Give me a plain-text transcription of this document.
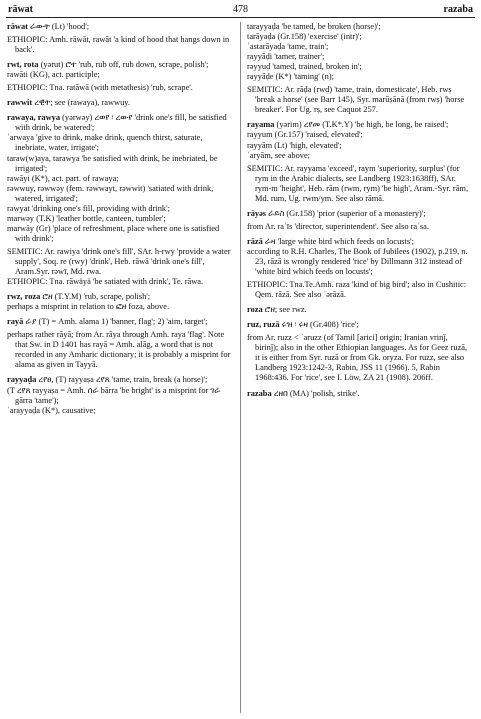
rāwat	478	razaba

rāwat ራውት (Lt) 'hood';

ETHIOPIC: Amh. rāwāt, rawāt 'a kind of hood that hangs down in back'.

rwt, rota (yərut) ሮተ 'rub, rub off, rub down, scrape, polish';

rawāti (KG), act. participle;

ETHIOPIC: Tna. ratāwā (with metathesis) 'rub, scrape'.

rawwit ረዊት; see (rawaya), rawwuy.

rawaya, rawya (yərwəy) ረወየ ፡ ረውየ 'drink one's fill, be satisfied with drink, be watered';

ʾarwaya 'give to drink, make drink, quench thirst, saturate, inebriate, water, irrigate';

taraw(w)aya, tarawya 'be satisfied with drink, be inebriated, be irrigated';

rawāyi (K*), act. part. of rawaya;

rəwwuy, rəwwəy (fem. rəwwayt, rəwwit) 'satiated with drink, watered, irrigated';

rəwyat 'drinking one's fill, providing with drink';

marwəy (T.K) 'leather bottle, canteen, tumbler';

marwāy (Gr) 'place of refreshment, place where one is satisfied with drink';

SEMITIC: Ar. rawiya 'drink one's fill', SAr. h-rwy 'provide a water supply', Soq. re (rwy) 'drink', Heb. rāwā 'drink one's fill', Aram.Syr. rəwī, Md. rwa.

ETHIOPIC: Tna. rāwäyä 'be satiated with drink', Te. rāwa.

rwz, roza ሮዘ (T.Y.M) 'rub, scrape, polish';

perhaps a misprint in relation to ፎዘ foza, above.

rayā ራያ (T) = Amh. alama 1) 'banner, flag'; 2) 'aim, target';

perhaps rather rāyā; from Ar. rāya through Amh. raya 'flag'. Note that Sw. in D 1401 has rayā = Amh. alāg, a word that is not recorded in any Amharic dictionary; it is probably a misprint for alama as given in Tayyā.

rayyaḍa ረየፀ, (T) rayyaṣa ረየጸ 'tame, train, break (a horse)';

(T ረየጸ rayyaṣa = Amh. ሰራ bārra 'be bright' is a misprint for ገራ gārra 'tame');

ʾarayyaḍa (K*), causative;

tarayyaḍa 'be tamed, be broken (horse)';

tarāyaḍa (Gr.158) 'exercise' (intr)';

ʾastarāyaḍa 'tame, train';

rayyāḍi 'tamer, trainer';

rəyyuḍ 'tamed, trained, broken in';

rayyāḍe (K*) 'taming' (n);

SEMITIC: Ar. rāḍa (rwḍ) 'tame, train, domesticate', Heb. rwṣ 'break a horse' (see Barr 145), Syr. marūṣānā (from rwṣ) 'horse breaker'. For Ug. rṣ, see Caquot 257.

rayama (yərim) ረየመ (T.K*.Y) 'be high, be long, be raised';

rayyum (Gr.157) 'raised, elevated';

rayyām (Lt) 'high, elevated';

ʾaryām, see above;

SEMITIC: Ar. rayyama 'exceed', raym 'superiority, surplus' (for rym in the Arabic dialects, see Landberg 1923:1638ff), SAr. rym-m 'height', Heb. rām (rwm, rym) 'be high', Aram.-Syr. rām, Md. rum, Ug. rwm/ym. See also rāmā.

rāyəs ራይስ (Gr.158) 'prior (superior of a monastery)';

from Ar. raʾīs 'director, superintendent'. See also raʾsa.

rāzā ራዛ 'large white bird which feeds on locusts';

according to R.H. Charles, The Book of Jubilees (1902), p.219, n. 23, rāzā is wrongly rendered 'rice' by Dillmann 312 instead of 'white bird which feeds on locusts';

ETHIOPIC: Tna.Te.Amh. raza 'kind of big bird'; also in Cushitic: Qem. rāzā. See also ʾərāzā.

roza ሮዘ; see rwz.

ruz, ruzā ሩዝ ፡ ሩዛ (Gr.408) 'rice';

from Ar. ruzz < ʾaruzz (of Tamil [arici] origin; Iranian vrinǰ, birinǰ); also in the other Ethiopian languages. As for Geez ruzā, it is either from Syr. ruzā or from Gk. oryza. For ruzz, see also Landberg 1923:1242-3, Rabin, JSS 11 (1966). 5, Rabin 1968:436. For 'rice', see I. Löw, ZA 21 (1908). 206ff.

razaba ረዘበ (MA) 'polish, strike'.
